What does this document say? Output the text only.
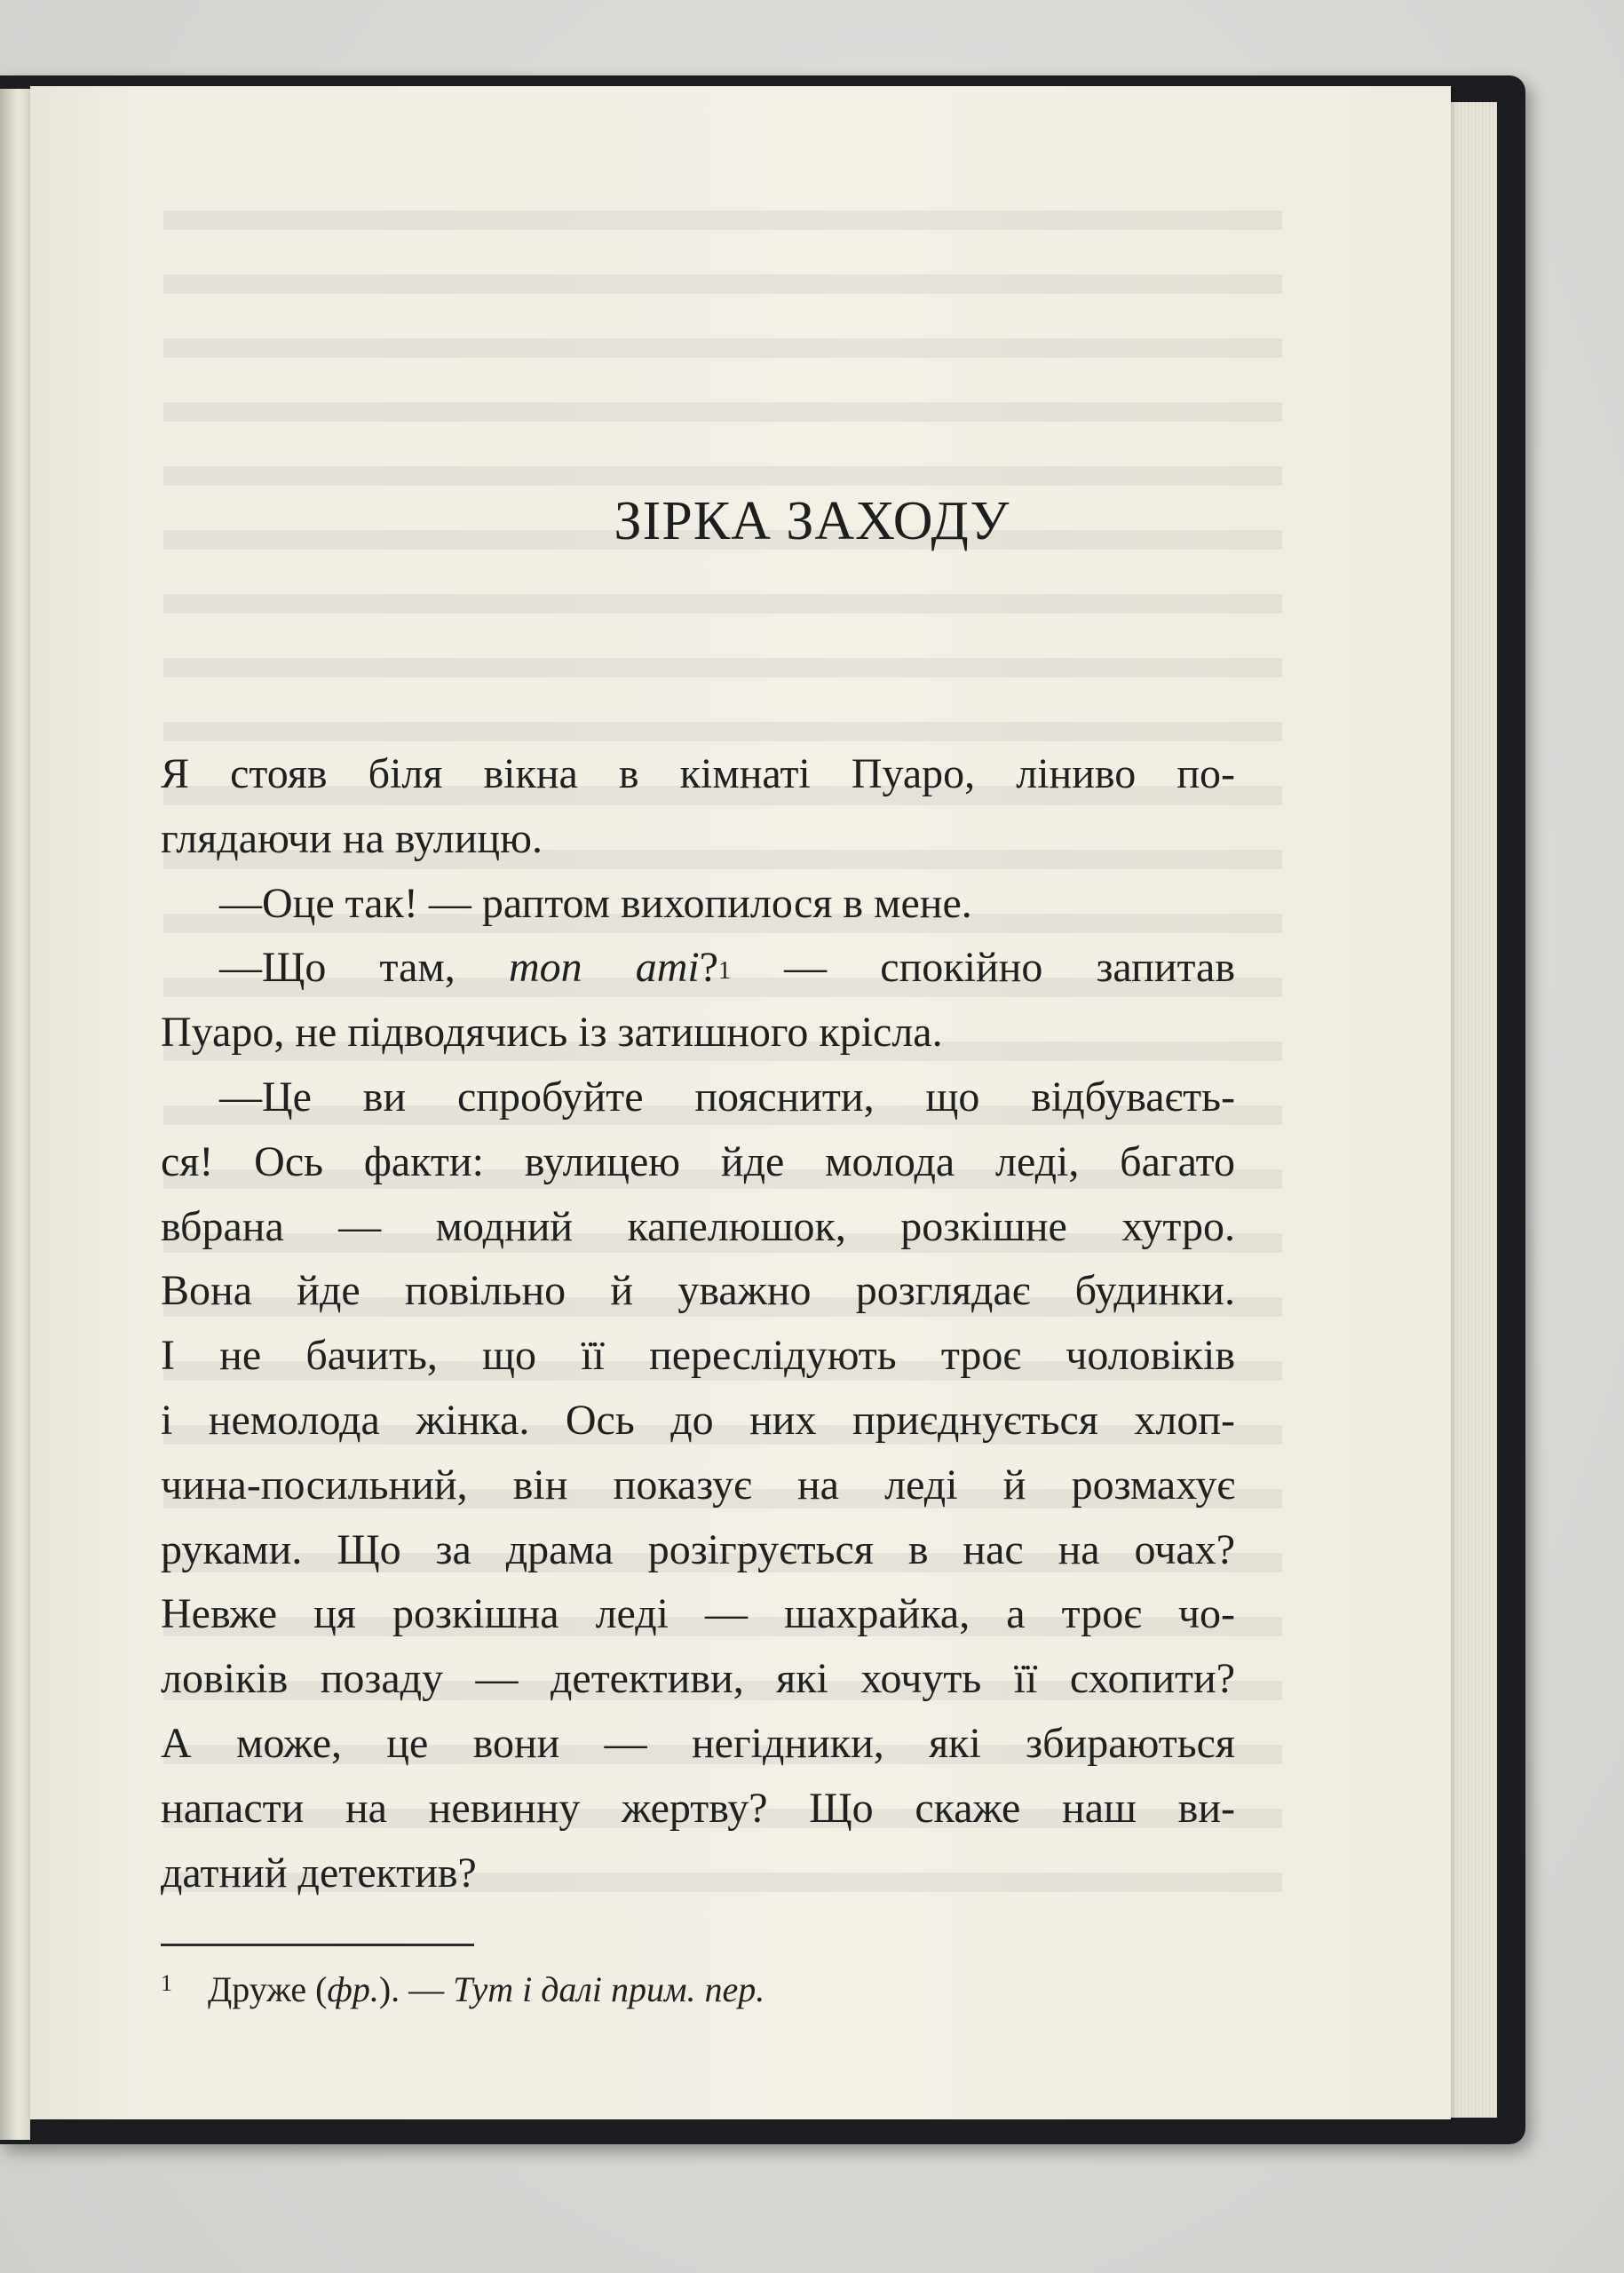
ЗІРКА ЗАХОДУ
Я стояв біля вікна в кімнаті Пуаро, ліниво по-
глядаючи на вулицю.
—Оце так! — раптом вихопилося в мене.
—Що там, mon ami?$^1$ — спокійно запитав
Пуаро, не підводячись із затишного крісла.
—Це ви спробуйте пояснити, що відбуваєть-
ся! Ось факти: вулицею йде молода леді, багато
вбрана — модний капелюшок, розкішне хутро.
Вона йде повільно й уважно розглядає будинки.
І не бачить, що її переслідують троє чоловіків
і немолода жінка. Ось до них приєднується хлоп-
чина-посильний, він показує на леді й розмахує
руками. Що за драма розігрується в нас на очах?
Невже ця розкішна леді — шахрайка, а троє чо-
ловіків позаду — детективи, які хочуть її схопити?
А може, це вони — негідники, які збираються
напасти на невинну жертву? Що скаже наш ви-
датний детектив?
$^1$ Друже (фр.). — Тут і далі прим. пер.
